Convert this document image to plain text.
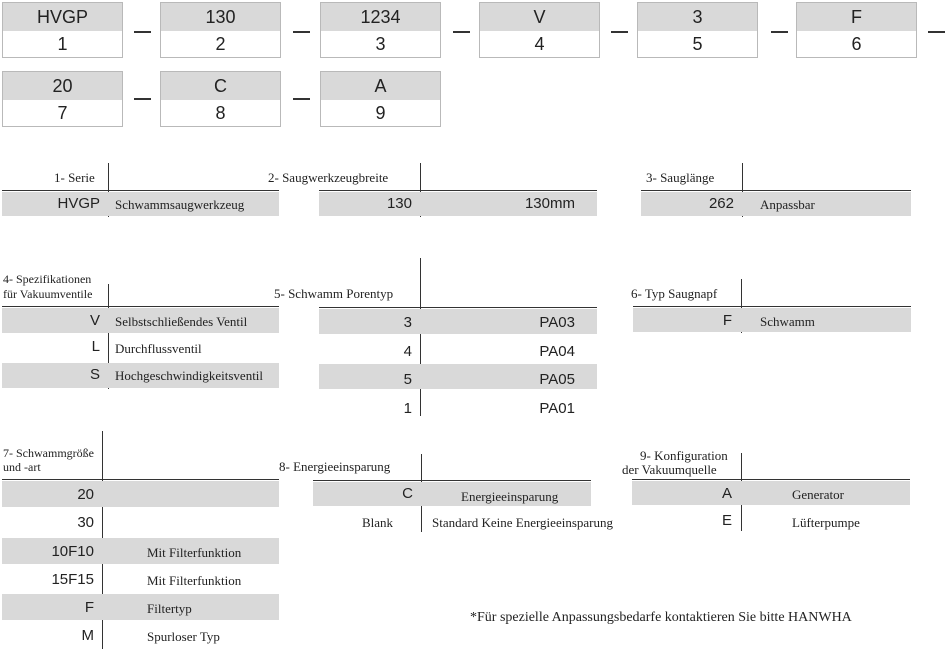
HVGP
1
130
2
1234
3
V
4
3
5
F
6
20
7
C
8
A
9
1- Serie
HVGP Schwammsaugwerkzeug
2- Saugwerkzeugbreite
130	130mm
3- Sauglänge
262 Anpassbar
4- Spezifikationen
für Vakuumventile
V Selbstschließendes Ventil
L Durchflussventil
S Hochgeschwindigkeitsventil
5- Schwamm Porentyp
3	PA03
4	PA04
5	PA05
1	PA01
6- Typ Saugnapf
F Schwamm
7- Schwammgröße
und -art
20
30
10F10	Mit Filterfunktion
15F15	Mit Filterfunktion
F	Filtertyp
M	Spurloser Typ
8- Energieeinsparung
C	Energieeinsparung
Blank	Standard Keine Energieeinsparung
9- Konfiguration
der Vakuumquelle
A	Generator
E	Lüfterpumpe
*Für spezielle Anpassungsbedarfe kontaktieren Sie bitte HANWHA
